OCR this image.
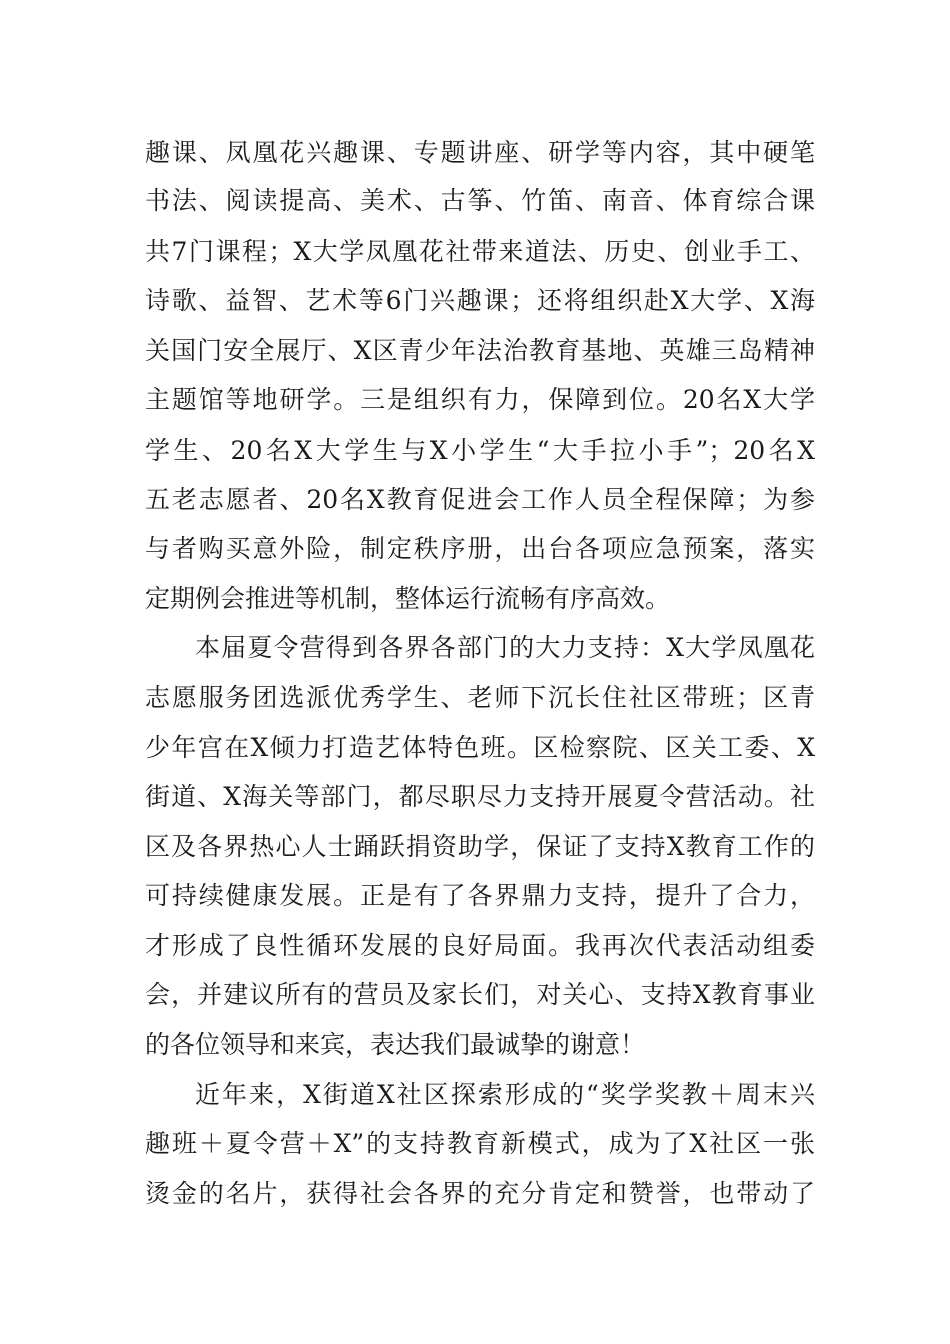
趣课、凤凰花兴趣课、专题讲座、研学等内容，其中硬笔
书法、阅读提高、美术、古筝、竹笛、南音、体育综合课
共7门课程；X大学凤凰花社带来道法、历史、创业手工、
诗歌、益智、艺术等6门兴趣课；还将组织赴X大学、X海
关国门安全展厅、X区青少年法治教育基地、英雄三岛精神
主题馆等地研学。三是组织有力，保障到位。20名X大学
学生、20名X大学生与X小学生“大手拉小手”；20名X
五老志愿者、20名X教育促进会工作人员全程保障；为参
与者购买意外险，制定秩序册，出台各项应急预案，落实
定期例会推进等机制，整体运行流畅有序高效。
本届夏令营得到各界各部门的大力支持：X大学凤凰花
志愿服务团选派优秀学生、老师下沉长住社区带班；区青
少年宫在X倾力打造艺体特色班。区检察院、区关工委、X
街道、X海关等部门，都尽职尽力支持开展夏令营活动。社
区及各界热心人士踊跃捐资助学，保证了支持X教育工作的
可持续健康发展。正是有了各界鼎力支持，提升了合力，
才形成了良性循环发展的良好局面。我再次代表活动组委
会，并建议所有的营员及家长们，对关心、支持X教育事业
的各位领导和来宾，表达我们最诚挚的谢意！
近年来，X街道X社区探索形成的“奖学奖教＋周末兴
趣班＋夏令营＋X”的支持教育新模式，成为了X社区一张
烫金的名片，获得社会各界的充分肯定和赞誉，也带动了
